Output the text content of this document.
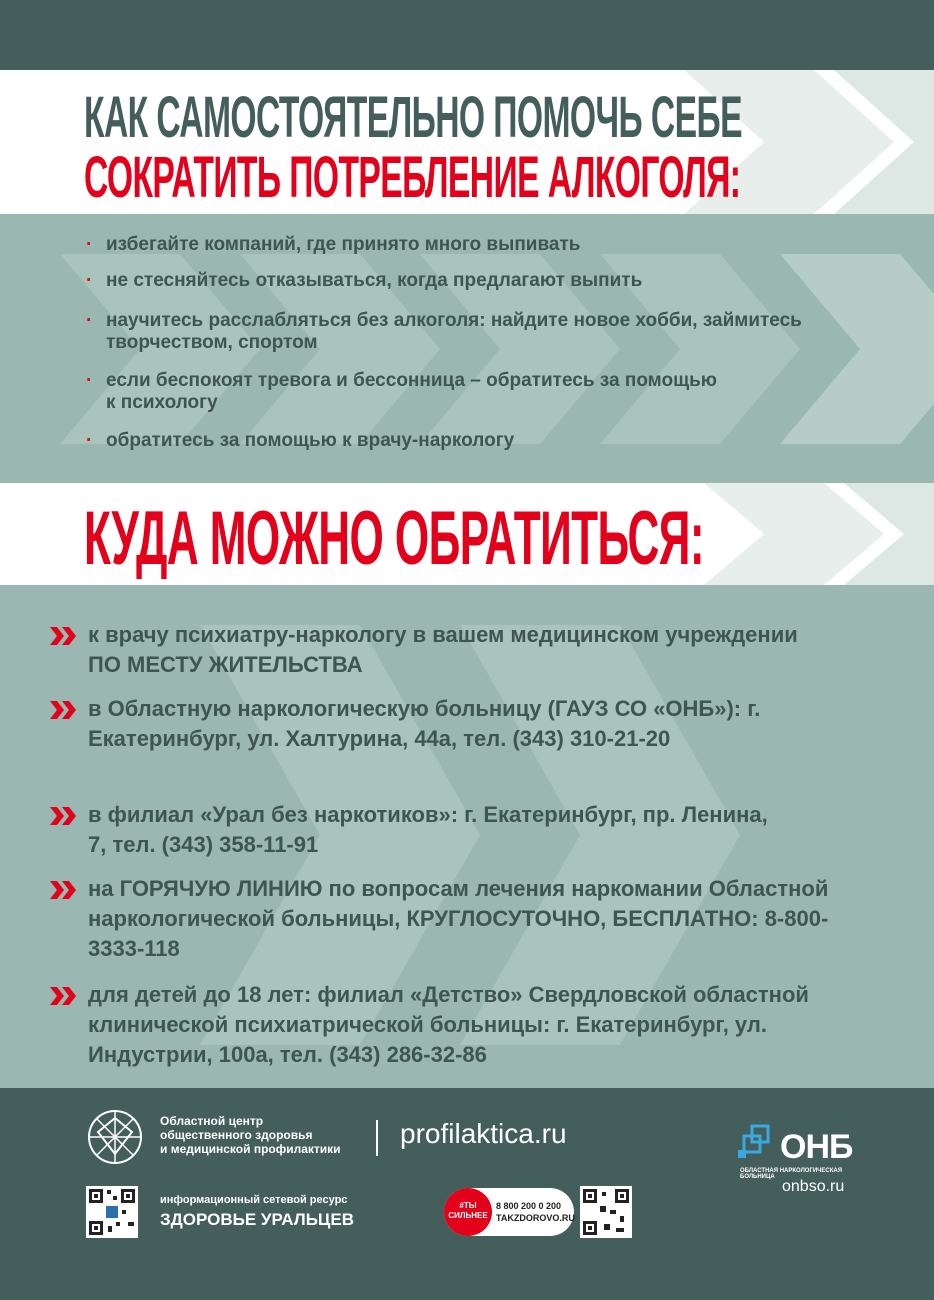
КАК САМОСТОЯТЕЛЬНО ПОМОЧЬ СЕБЕ
СОКРАТИТЬ ПОТРЕБЛЕНИЕ АЛКОГОЛЯ:
· избегайте компаний, где принято много выпивать
· не стесняйтесь отказываться, когда предлагают выпить
· научитесь расслабляться без алкоголя: найдите новое хобби, займитесь творчеством, спортом
· если беспокоят тревога и бессонница – обратитесь за помощью к психологу
· обратитесь за помощью к врачу-наркологу
КУДА МОЖНО ОБРАТИТЬСЯ:
к врачу психиатру-наркологу в вашем медицинском учреждении ПО МЕСТУ ЖИТЕЛЬСТВА
в Областную наркологическую больницу (ГАУЗ СО «ОНБ»): г. Екатеринбург, ул. Халтурина, 44а, тел. (343) 310-21-20
в филиал «Урал без наркотиков»: г. Екатеринбург, пр. Ленина, 7, тел. (343) 358-11-91
на ГОРЯЧУЮ ЛИНИЮ по вопросам лечения наркомании Областной наркологической больницы, КРУГЛОСУТОЧНО, БЕСПЛАТНО: 8-800-3333-118
для детей до 18 лет: филиал «Детство» Свердловской областной клинической психиатрической больницы: г. Екатеринбург, ул. Индустрии, 100а, тел. (343) 286-32-86
Областной центр
общественного здоровья
и медицинской профилактики profilaktica.ru
информационный сетевой ресурс
ЗДОРОВЬЕ УРАЛЬЦЕВ
#ТЫ
СИЛЬНЕЕ
8 800 200 0 200
TAKZDOROVO.RU
ОНБ
ОБЛАСТНАЯ НАРКОЛОГИЧЕСКАЯ БОЛЬНИЦА
onbso.ru
